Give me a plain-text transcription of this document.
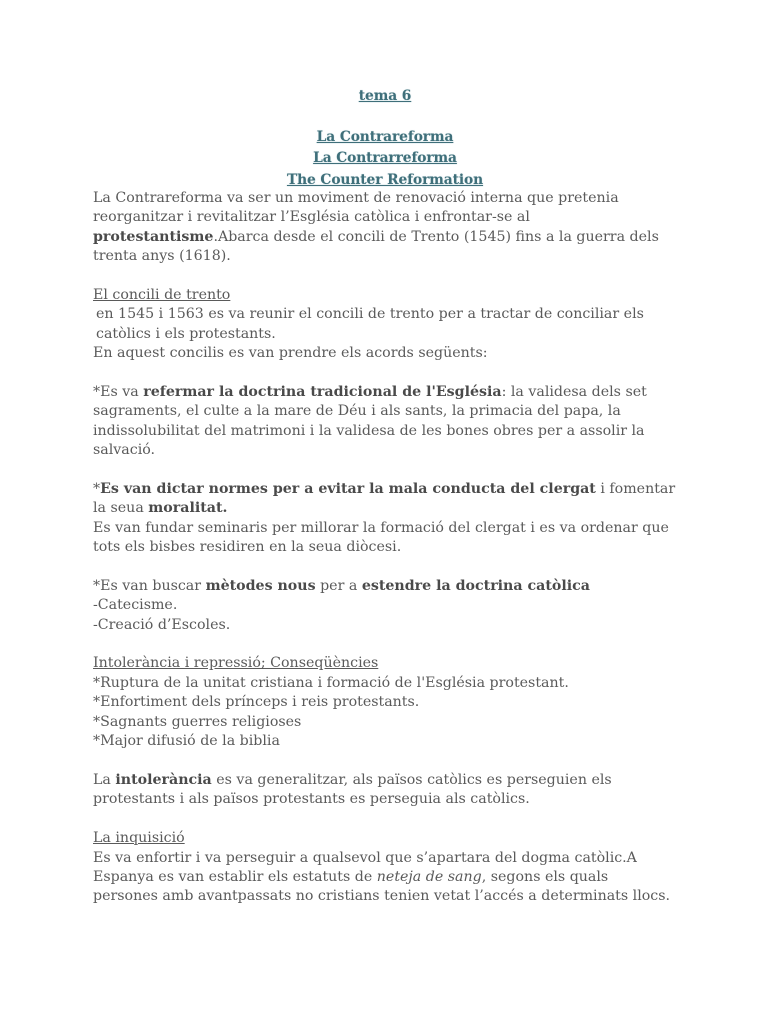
tema 6
La Contrareforma
La Contrarreforma
The Counter Reformation

La Contrareforma va ser un moviment de renovació interna que pretenia reorganitzar i revitalitzar l’Església catòlica i enfrontar-se al protestantisme.Abarca desde el concili de Trento (1545) fins a la guerra dels trenta anys (1618).

El concili de trento

en 1545 i 1563 es va reunir el concili de trento per a tractar de conciliar els catòlics i els protestants.

En aquest concilis es van prendre els acords següents:

*Es va refermar la doctrina tradicional de l'Església: la validesa dels set sagraments, el culte a la mare de Déu i als sants, la primacia del papa, la indissolubilitat del matrimoni i la validesa de les bones obres per a assolir la salvació.

*Es van dictar normes per a evitar la mala conducta del clergat i fomentar la seua moralitat.

Es van fundar seminaris per millorar la formació del clergat i es va ordenar que tots els bisbes residiren en la seua diòcesi.

*Es van buscar mètodes nous per a estendre la doctrina catòlica

-Catecisme.

-Creació d’Escoles.

Intolerància i repressió; Conseqüències

*Ruptura de la unitat cristiana i formació de l'Església protestant.

*Enfortiment dels prínceps i reis protestants.

*Sagnants guerres religioses

*Major difusió de la biblia

La intolerància es va generalitzar, als països catòlics es perseguien els protestants i als països protestants es perseguia als catòlics.

La inquisició

Es va enfortir i va perseguir a qualsevol que s’apartara del dogma catòlic.A Espanya es van establir els estatuts de neteja de sang, segons els quals persones amb avantpassats no cristians tenien vetat l’accés a determinats llocs.
